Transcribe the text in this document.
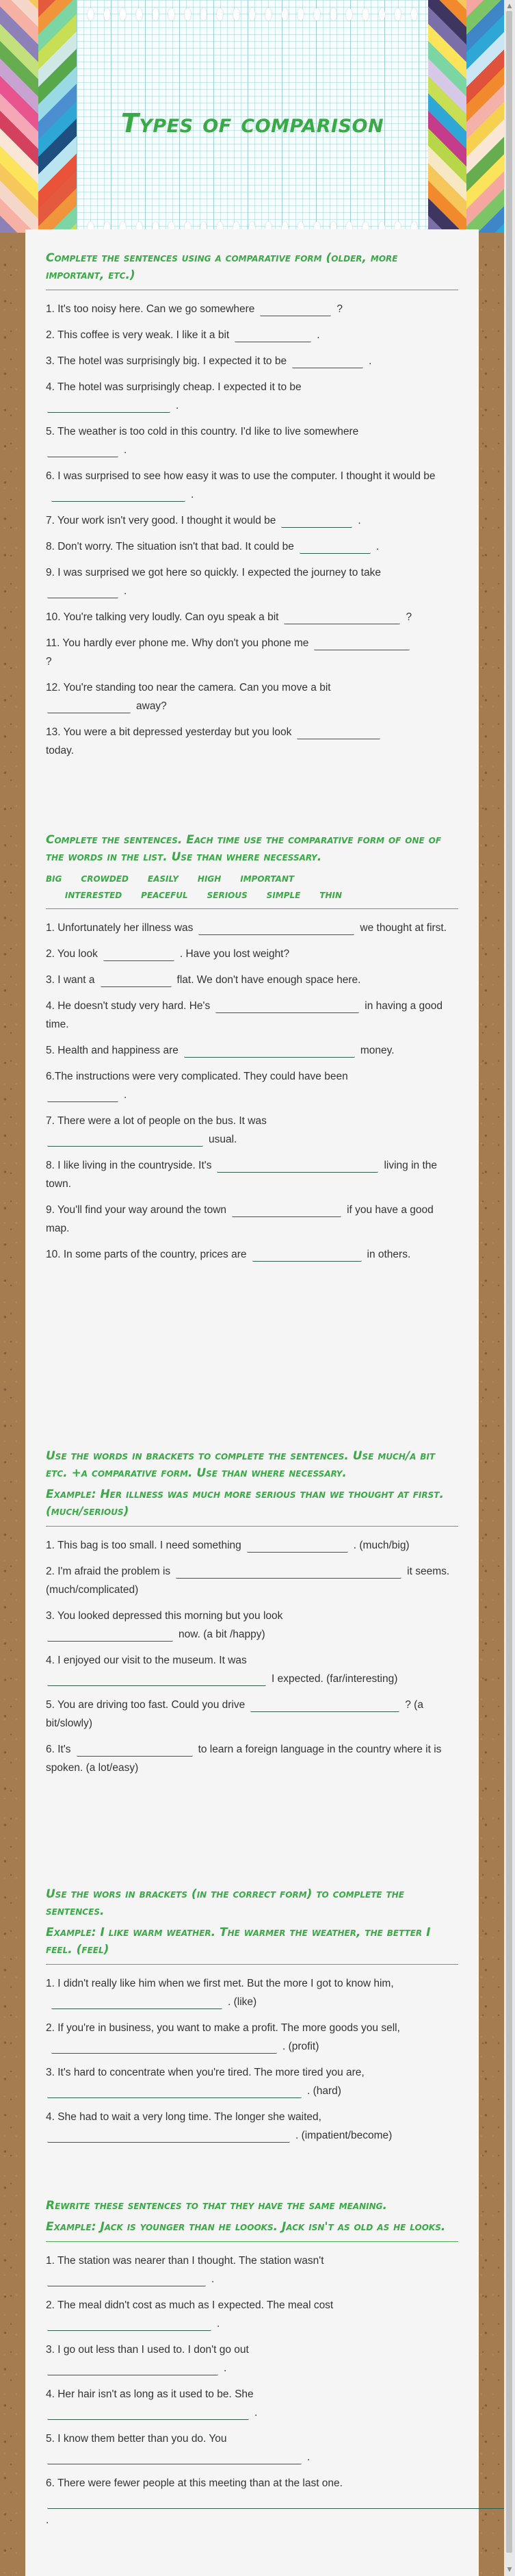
Types of comparison
Complete the sentences using a comparative form (older, more important, etc.)
1. It's too noisy here. Can we go somewhere	?
2. This coffee is very weak. I like it a bit	.
3. The hotel was surprisingly big. I expected it to be	.
4. The hotel was surprisingly cheap. I expected it to be
.
5. The weather is too cold in this country. I'd like to live somewhere
.
6. I was surprised to see how easy it was to use the computer. I thought it would be.
7. Your work isn't very good. I thought it would be	.
8. Don't worry. The situation isn't that bad. It could be	.
9. I was surprised we got here so quickly. I expected the journey to take
.
10. You're talking very loudly. Can oyu speak a bit	?
11. You hardly ever phone me. Why don't you phone me
?
12. You're standing too near the camera. Can you move a bit
away?
13. You were a bit depressed yesterday but you look
today.
Complete the sentences. Each time use the comparative form of one of the words in the list. Use than where necessary.
big crowded easily high important
interested peaceful serious simple thin
1. Unfortunately her illness was	we thought at first.
2. You look	. Have you lost weight?
3. I want a	flat. We don't have enough space here.
4. He doesn't study very hard. He's	in having a good time.
5. Health and happiness are	money.
6.The instructions were very complicated. They could have been
.
7. There were a lot of people on the bus. It was
usual.
8. I like living in the countryside. It's	living in the town.
9. You'll find your way around the town	if you have a good map.
10. In some parts of the country, prices are	in others.
Use the words in brackets to complete the sentences. Use much/a bit etc. +a comparative form. Use than where necessary.
Example: Her illness was much more serious than we thought at first. (much/serious)
1. This bag is too small. I need something	. (much/big)
2. I'm afraid the problem is	it seems. (much/complicated)
3. You looked depressed this morning but you look
now. (a bit /happy)
4. I enjoyed our visit to the museum. It was
I expected. (far/interesting)
5. You are driving too fast. Could you drive	? (a bit/slowly)
6. It's	to learn a foreign language in the country where it is spoken. (a lot/easy)
Use the wors in brackets (in the correct form) to complete the sentences.
Example: I like warm weather. The warmer the weather, the better I feel. (feel)
1. I didn't really like him when we first met. But the more I got to know him,. (like)
2. If you're in business, you want to make a profit. The more goods you sell,. (profit)
3. It's hard to concentrate when you're tired. The more tired you are,
. (hard)
4. She had to wait a very long time. The longer she waited,
. (impatient/become)
Rewrite these sentences to that they have the same meaning.
Example: Jack is younger than he loooks. Jack isn't as old as he looks.
1. The station was nearer than I thought. The station wasn't
.
2. The meal didn't cost as much as I expected. The meal cost
.
3. I go out less than I used to. I don't go out
.
4. Her hair isn't as long as it used to be. She
.
5. I know them better than you do. You
.
6. There were fewer people at this meeting than at the last one.

.
▲
▼
